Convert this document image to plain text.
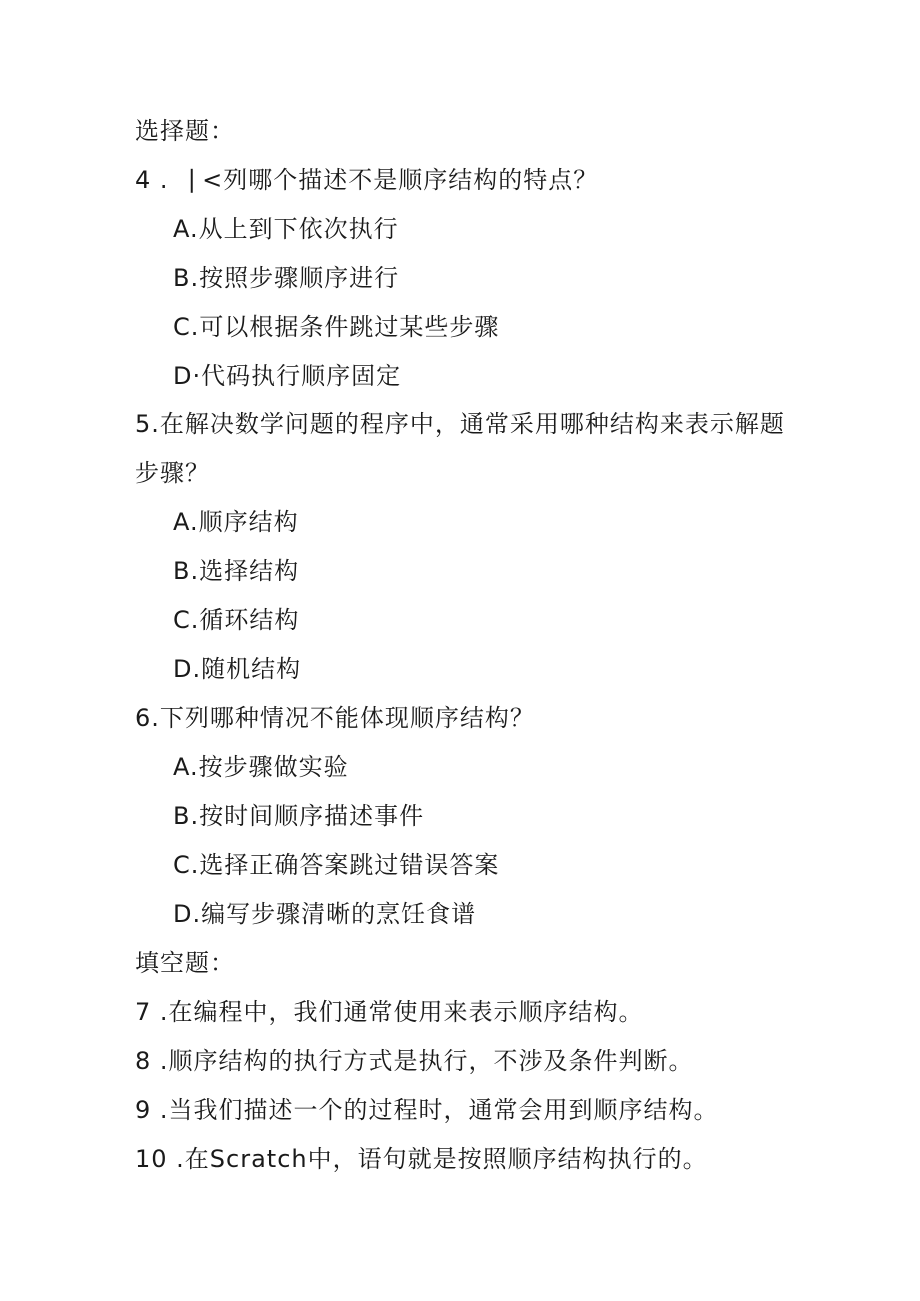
选择题：
4 .⎹ <列哪个描述不是顺序结构的特点？
A.从上到下依次执行
B.按照步骤顺序进行
C.可以根据条件跳过某些步骤
D·代码执行顺序固定
5.在解决数学问题的程序中，通常采用哪种结构来表示解题
步骤？
A.顺序结构
B.选择结构
C.循环结构
D.随机结构
6.下列哪种情况不能体现顺序结构？
A.按步骤做实验
B.按时间顺序描述事件
C.选择正确答案跳过错误答案
D.编写步骤清晰的烹饪食谱
填空题：
7 .在编程中，我们通常使用来表示顺序结构。
8 .顺序结构的执行方式是执行，不涉及条件判断。
9 .当我们描述一个的过程时，通常会用到顺序结构。
10 .在Scratch中，语句就是按照顺序结构执行的。
